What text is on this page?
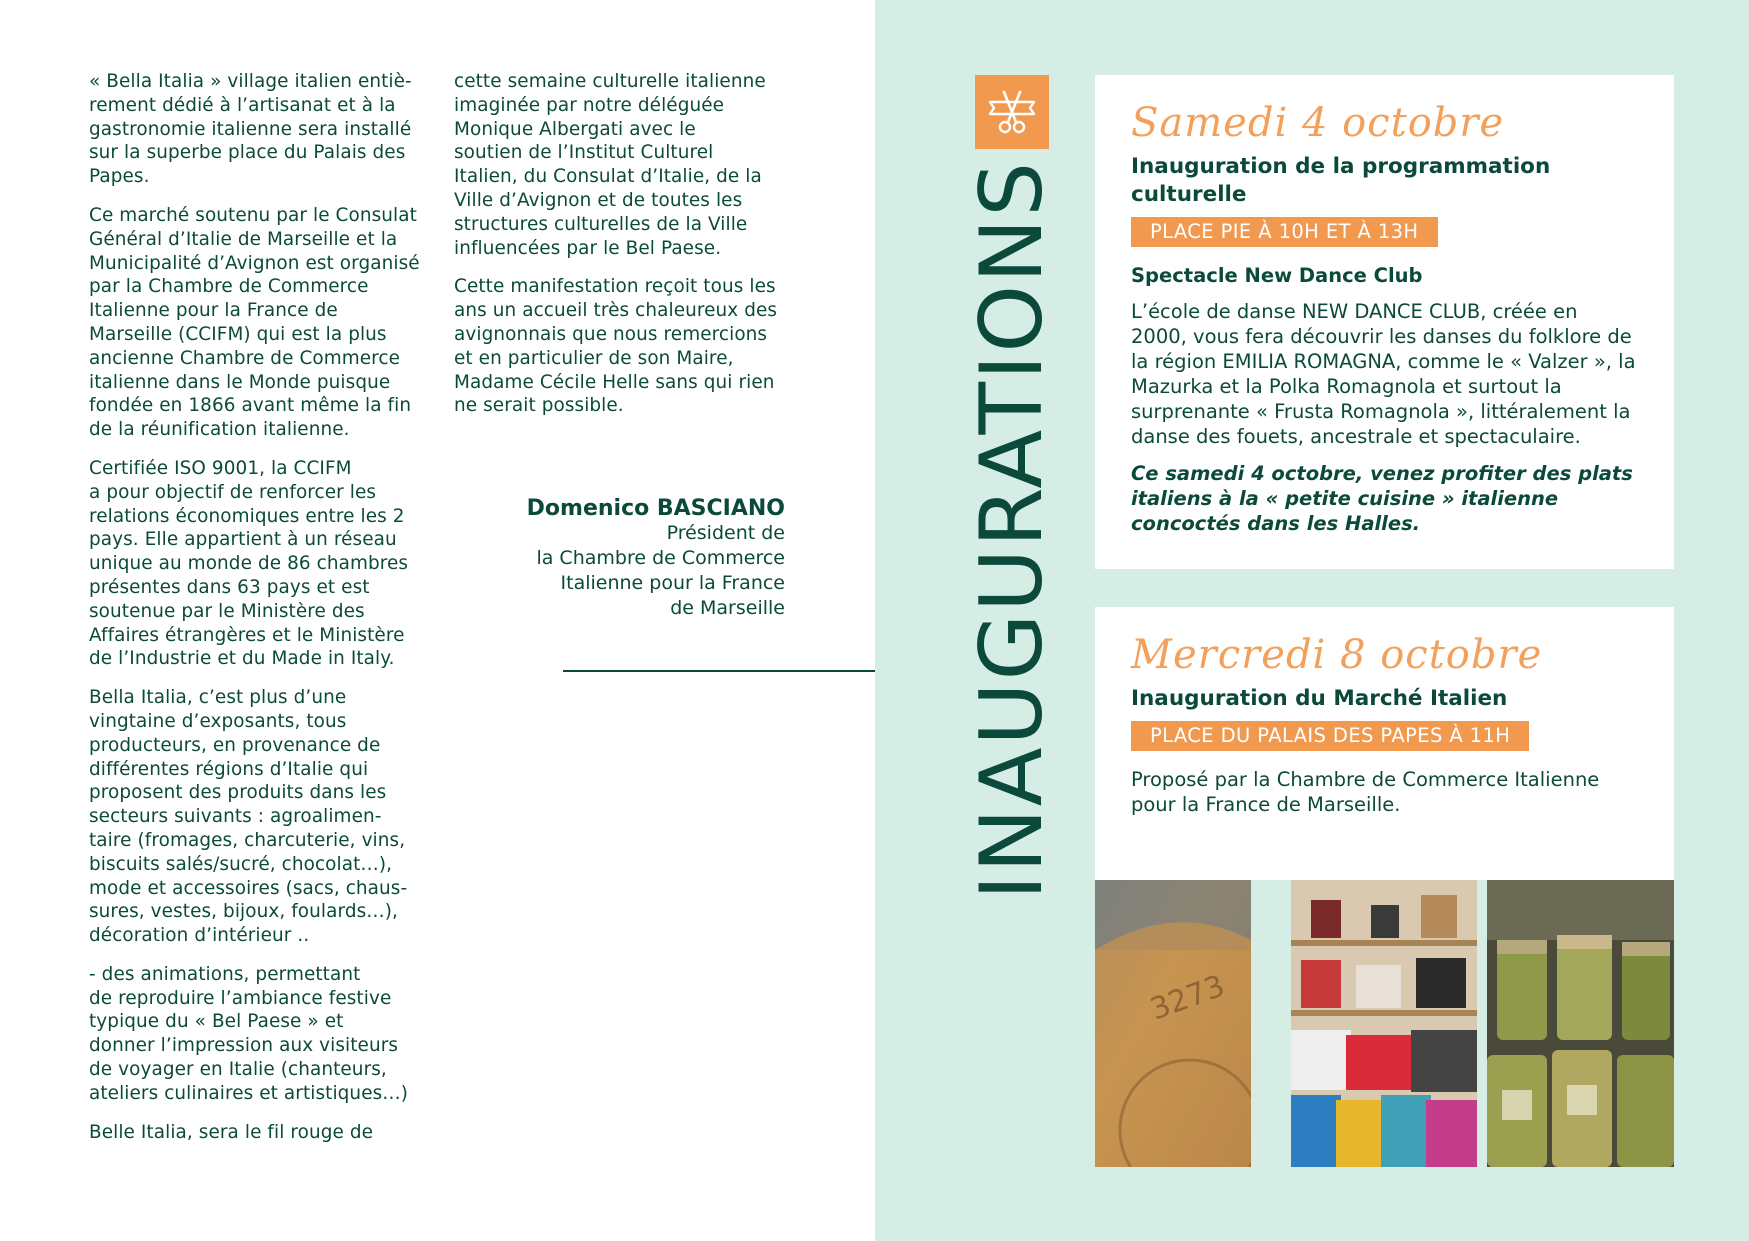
« Bella Italia » village italien entiè-
rement dédié à l’artisanat et à la
gastronomie italienne sera installé
sur la superbe place du Palais des
Papes.

Ce marché soutenu par le Consulat
Général d’Italie de Marseille et la
Municipalité d’Avignon est organisé
par la Chambre de Commerce
Italienne pour la France de
Marseille (CCIFM) qui est la plus
ancienne Chambre de Commerce
italienne dans le Monde puisque
fondée en 1866 avant même la fin
de la réunification italienne.

Certifiée ISO 9001, la CCIFM
a pour objectif de renforcer les
relations économiques entre les 2
pays. Elle appartient à un réseau
unique au monde de 86 chambres
présentes dans 63 pays et est
soutenue par le Ministère des
Affaires étrangères et le Ministère
de l’Industrie et du Made in Italy.

Bella Italia, c’est plus d’une
vingtaine d’exposants, tous
producteurs, en provenance de
différentes régions d’Italie qui
proposent des produits dans les
secteurs suivants : agroalimen-
taire (fromages, charcuterie, vins,
biscuits salés/sucré, chocolat…),
mode et accessoires (sacs, chaus-
sures, vestes, bijoux, foulards…),
décoration d’intérieur ..

- des animations, permettant
de reproduire l’ambiance festive
typique du « Bel Paese » et
donner l’impression aux visiteurs
de voyager en Italie (chanteurs,
ateliers culinaires et artistiques…)

Belle Italia, sera le fil rouge de

cette semaine culturelle italienne
imaginée par notre déléguée
Monique Albergati avec le
soutien de l’Institut Culturel
Italien, du Consulat d’Italie, de la
Ville d’Avignon et de toutes les
structures culturelles de la Ville
influencées par le Bel Paese.

Cette manifestation reçoit tous les
ans un accueil très chaleureux des
avignonnais que nous remercions
et en particulier de son Maire,
Madame Cécile Helle sans qui rien
ne serait possible.

Domenico BASCIANO
Président de
la Chambre de Commerce
Italienne pour la France
de Marseille INAUGURATIONS
Samedi 4 octobre
Inauguration de la programmation culturelle
PLACE PIE À 10H ET À 13H
Spectacle New Dance Club
L’école de danse NEW DANCE CLUB, créée en 2000, vous fera découvrir les danses du folklore de la région EMILIA ROMAGNA, comme le « Valzer », la Mazurka et la Polka Romagnola et surtout la surprenante « Frusta Romagnola », littéralement la danse des fouets, ancestrale et spectaculaire.
Ce samedi 4 octobre, venez profiter des plats italiens à la « petite cuisine » italienne concoctés dans les Halles.
Mercredi 8 octobre
Inauguration du Marché Italien
PLACE DU PALAIS DES PAPES À 11H
Proposé par la Chambre de Commerce Italienne pour la France de Marseille.
3273
